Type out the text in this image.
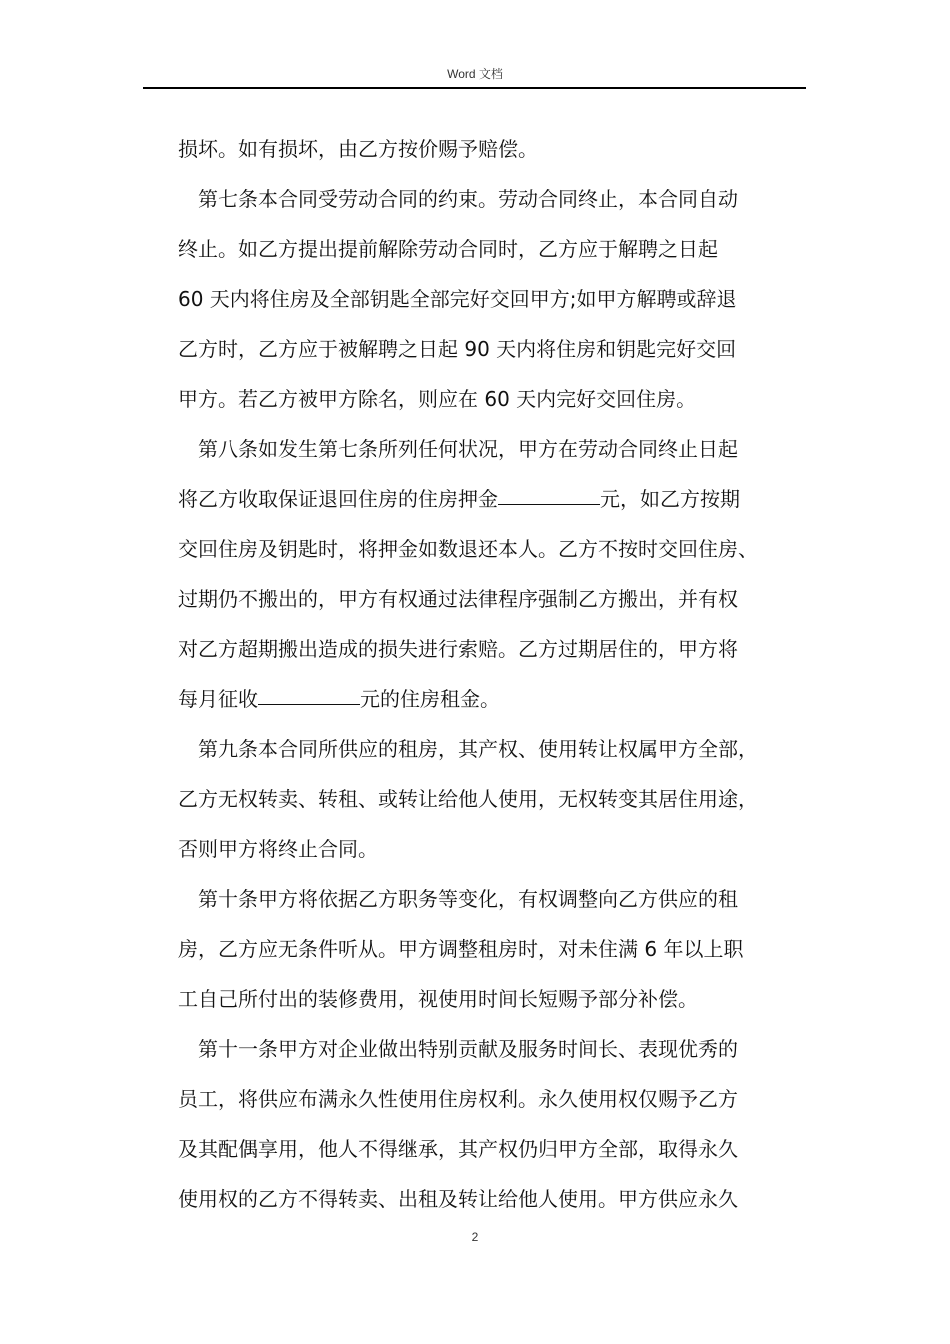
Word 文档
损坏。如有损坏，由乙方按价赐予赔偿。
第七条本合同受劳动合同的约束。劳动合同终止，本合同自动
终止。如乙方提出提前解除劳动合同时，乙方应于解聘之日起
60 天内将住房及全部钥匙全部完好交回甲方;如甲方解聘或辞退
乙方时，乙方应于被解聘之日起 90 天内将住房和钥匙完好交回
甲方。若乙方被甲方除名，则应在 60 天内完好交回住房。
第八条如发生第七条所列任何状况，甲方在劳动合同终止日起
将乙方收取保证退回住房的住房押金	元，如乙方按期
交回住房及钥匙时，将押金如数退还本人。乙方不按时交回住房、
过期仍不搬出的，甲方有权通过法律程序强制乙方搬出，并有权
对乙方超期搬出造成的损失进行索赔。乙方过期居住的，甲方将
每月征收	元的住房租金。
第九条本合同所供应的租房，其产权、使用转让权属甲方全部，
乙方无权转卖、转租、或转让给他人使用，无权转变其居住用途，
否则甲方将终止合同。
第十条甲方将依据乙方职务等变化，有权调整向乙方供应的租
房，乙方应无条件听从。甲方调整租房时，对未住满 6 年以上职
工自己所付出的装修费用，视使用时间长短赐予部分补偿。
第十一条甲方对企业做出特别贡献及服务时间长、表现优秀的
员工，将供应布满永久性使用住房权利。永久使用权仅赐予乙方
及其配偶享用，他人不得继承，其产权仍归甲方全部，取得永久
使用权的乙方不得转卖、出租及转让给他人使用。甲方供应永久
2
